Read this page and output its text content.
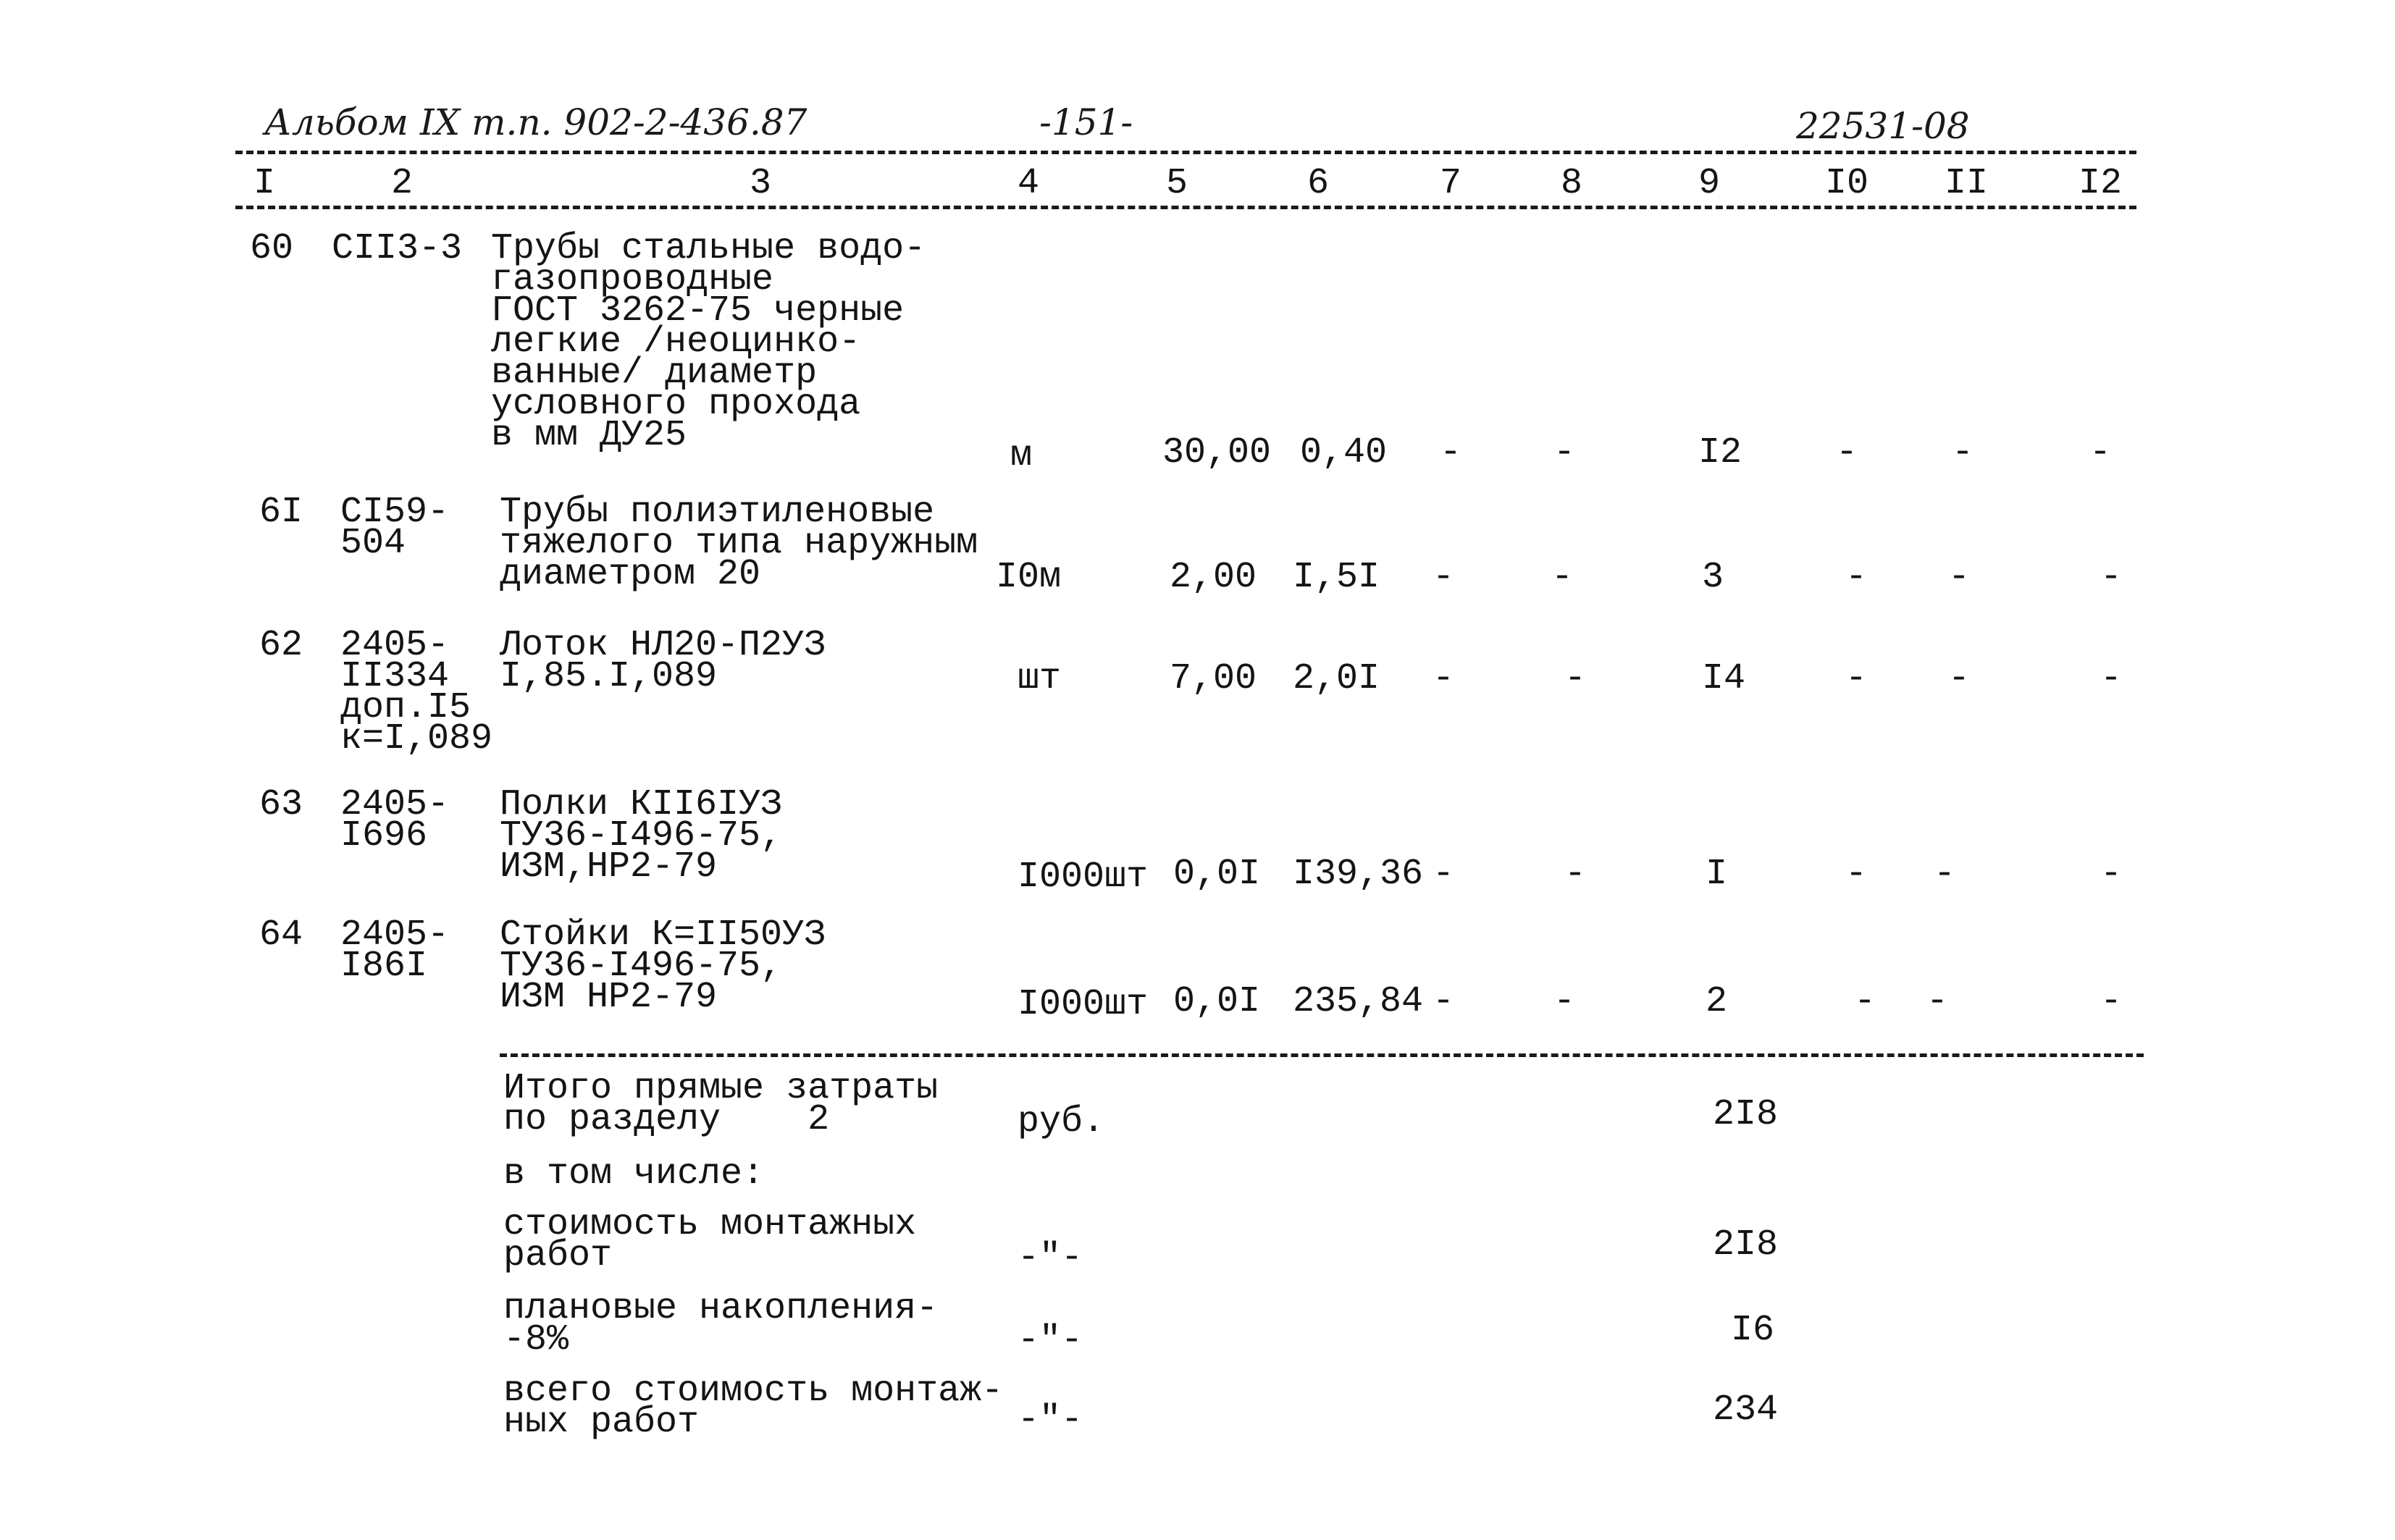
Альбом IX т.п. 902-2-436.87	-151-	22531-08
I	2	3	4	5	6	7	8	9	I0 II I2
60 СII3-3 Трубы стальные водо-
газопроводные
ГОСТ 3262-75 черные
легкие /неоцинко-
ванные/ диаметр
условного прохода
в мм ДУ25	м	30,00 0,40 -	-	I2	-	-	-
6I СI59-
504
Трубы полиэтиленовые
тяжелого типа наружным
диаметром 20	I0м	2,00 I,5I -	-	3	- -	-
62 2405-
II334
доп.I5
к=I,089
Лоток НЛ20-П2УЗ
I,85.I,089	шт	7,00 2,0I -	-	I4	- -	-
63 2405-
I696
Полки КII6IУЗ
ТУ36-I496-75,
ИЗМ,НР2-79	I000шт 0,0I I39,36 -	-	I	- -	-
64 2405-
I86I
Стойки К=II50УЗ
ТУ36-I496-75,
ИЗМ НР2-79	I000шт 0,0I 235,84 -	-	2	- -	-
Итого прямые затраты
по разделу    2	руб.	2I8
в том числе:
стоимость монтажных
работ	-"-	2I8
плановые накопления-
-8%	-"-	I6
всего стоимость монтаж-
ных работ	-"-	234
